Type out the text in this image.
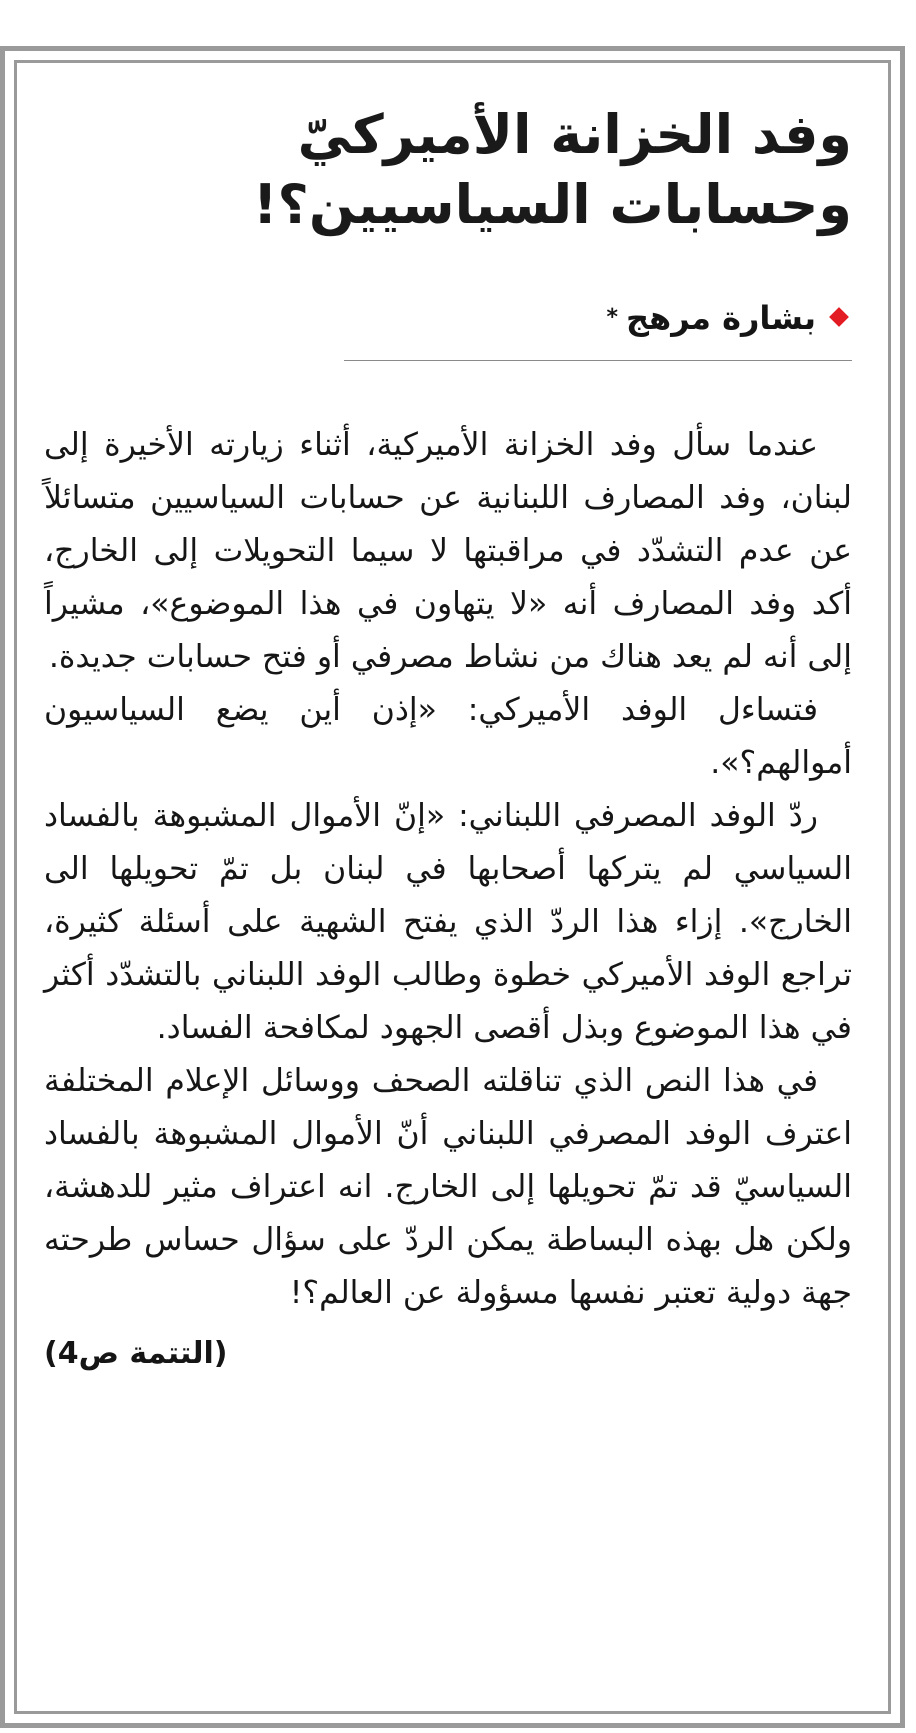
وفد الخزانة الأميركيّ
وحسابات السياسيين؟!
بشارة مرهج*

عندما سأل وفد الخزانة الأميركية، أثناء زيارته الأخيرة إلى لبنان، وفد المصارف اللبنانية عن حسابات السياسيين متسائلاً عن عدم التشدّد في مراقبتها لا سيما التحويلات إلى الخارج، أكد وفد المصارف أنه «لا يتهاون في هذا الموضوع»، مشيراً إلى أنه لم يعد هناك من نشاط مصرفي أو فتح حسابات جديدة.

فتساءل الوفد الأميركي: «إذن أين يضع السياسيون أموالهم؟».

ردّ الوفد المصرفي اللبناني: «إنّ الأموال المشبوهة بالفساد السياسي لم يتركها أصحابها في لبنان بل تمّ تحويلها الى الخارج». إزاء هذا الردّ الذي يفتح الشهية على أسئلة كثيرة، تراجع الوفد الأميركي خطوة وطالب الوفد اللبناني بالتشدّد أكثر في هذا الموضوع وبذل أقصى الجهود لمكافحة الفساد.

في هذا النص الذي تناقلته الصحف ووسائل الإعلام المختلفة اعترف الوفد المصرفي اللبناني أنّ الأموال المشبوهة بالفساد السياسيّ قد تمّ تحويلها إلى الخارج. انه اعتراف مثير للدهشة، ولكن هل بهذه البساطة يمكن الردّ على سؤال حساس طرحته جهة دولية تعتبر نفسها مسؤولة عن العالم؟!

(التتمة ص4)
